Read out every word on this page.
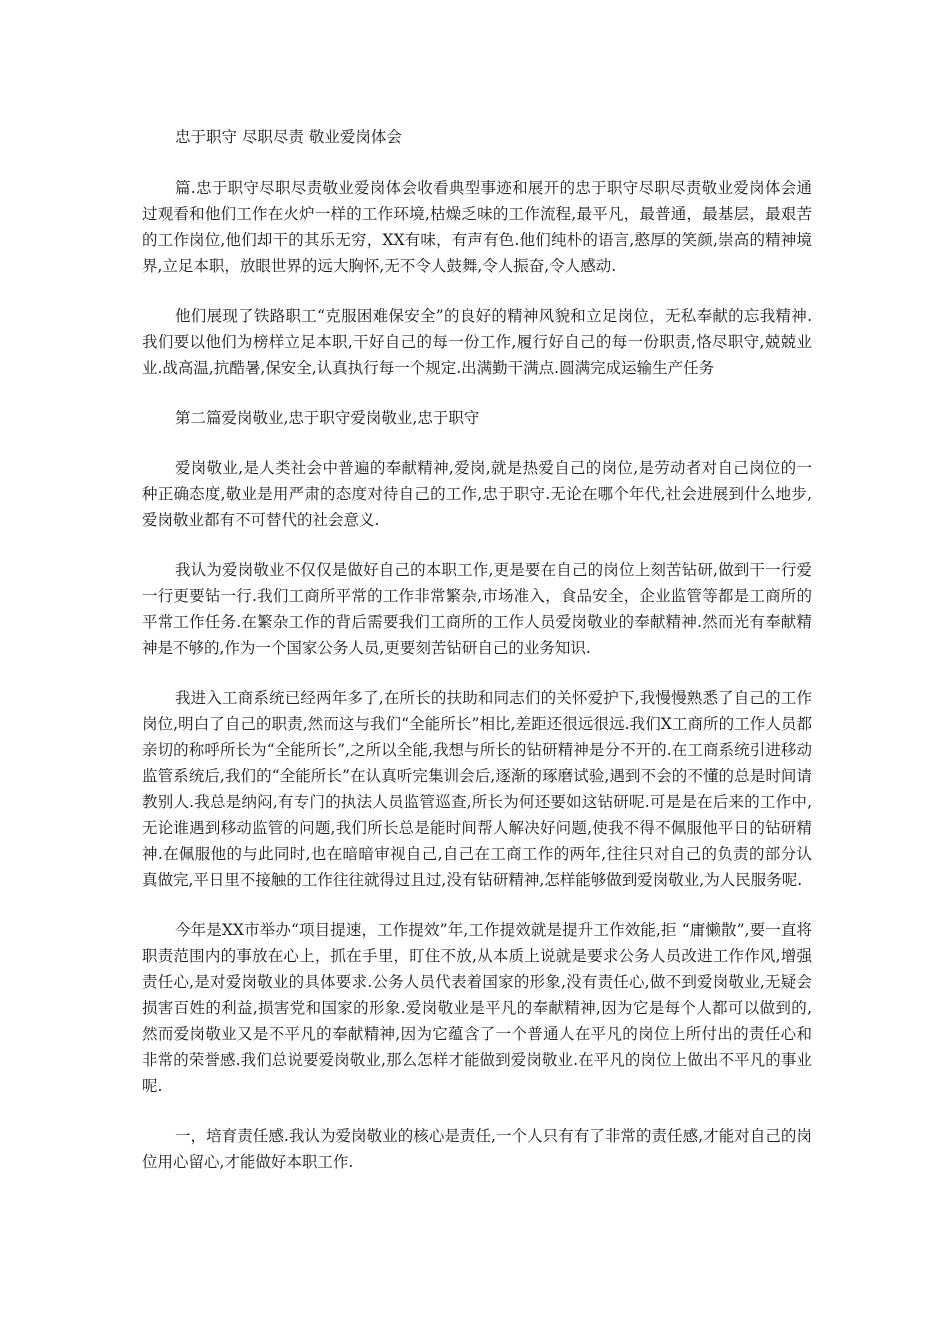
忠于职守 尽职尽责 敬业爱岗体会

篇.忠于职守尽职尽责敬业爱岗体会收看典型事迹和展开的忠于职守尽职尽责敬业爱岗体会通过观看和他们工作在火炉一样的工作环境,枯燥乏味的工作流程,最平凡，最普通，最基层，最艰苦的工作岗位,他们却干的其乐无穷，XX有味，有声有色.他们纯朴的语言,憨厚的笑颜,崇高的精神境界,立足本职，放眼世界的远大胸怀,无不令人鼓舞,令人振奋,令人感动.

他们展现了铁路职工“克服困难保安全”的良好的精神风貌和立足岗位，无私奉献的忘我精神.我们要以他们为榜样立足本职,干好自己的每一份工作,履行好自己的每一份职责,恪尽职守,兢兢业业.战高温,抗酷暑,保安全,认真执行每一个规定.出满勤干满点.圆满完成运输生产任务

第二篇爱岗敬业,忠于职守爱岗敬业,忠于职守

爱岗敬业,是人类社会中普遍的奉献精神,爱岗,就是热爱自己的岗位,是劳动者对自己岗位的一种正确态度,敬业是用严肃的态度对待自己的工作,忠于职守.无论在哪个年代,社会进展到什么地步,爱岗敬业都有不可替代的社会意义.

我认为爱岗敬业不仅仅是做好自己的本职工作,更是要在自己的岗位上刻苦钻研,做到干一行爱一行更要钻一行.我们工商所平常的工作非常繁杂,市场准入，食品安全，企业监管等都是工商所的平常工作任务.在繁杂工作的背后需要我们工商所的工作人员爱岗敬业的奉献精神.然而光有奉献精神是不够的,作为一个国家公务人员,更要刻苦钻研自己的业务知识.

我进入工商系统已经两年多了,在所长的扶助和同志们的关怀爱护下,我慢慢熟悉了自己的工作岗位,明白了自己的职责,然而这与我们“全能所长”相比,差距还很远很远.我们X工商所的工作人员都亲切的称呼所长为“全能所长”,之所以全能,我想与所长的钻研精神是分不开的.在工商系统引进移动监管系统后,我们的“全能所长”在认真听完集训会后,逐渐的琢磨试验,遇到不会的不懂的总是时间请教别人.我总是纳闷,有专门的执法人员监管巡查,所长为何还要如这钻研呢.可是是在后来的工作中,无论谁遇到移动监管的问题,我们所长总是能时间帮人解决好问题,使我不得不佩服他平日的钻研精神.在佩服他的与此同时,也在暗暗审视自己,自己在工商工作的两年,往往只对自己的负责的部分认真做完,平日里不接触的工作往往就得过且过,没有钻研精神,怎样能够做到爱岗敬业,为人民服务呢.

今年是XX市举办“项目提速，工作提效”年,工作提效就是提升工作效能,拒 “庸懒散”,要一直将职责范围内的事放在心上，抓在手里，盯住不放,从本质上说就是要求公务人员改进工作作风,增强责任心,是对爱岗敬业的具体要求.公务人员代表着国家的形象,没有责任心,做不到爱岗敬业,无疑会损害百姓的利益,损害党和国家的形象.爱岗敬业是平凡的奉献精神,因为它是每个人都可以做到的,然而爱岗敬业又是不平凡的奉献精神,因为它蕴含了一个普通人在平凡的岗位上所付出的责任心和非常的荣誉感.我们总说要爱岗敬业,那么怎样才能做到爱岗敬业.在平凡的岗位上做出不平凡的事业呢.

一，培育责任感.我认为爱岗敬业的核心是责任,一个人只有有了非常的责任感,才能对自己的岗位用心留心,才能做好本职工作.
